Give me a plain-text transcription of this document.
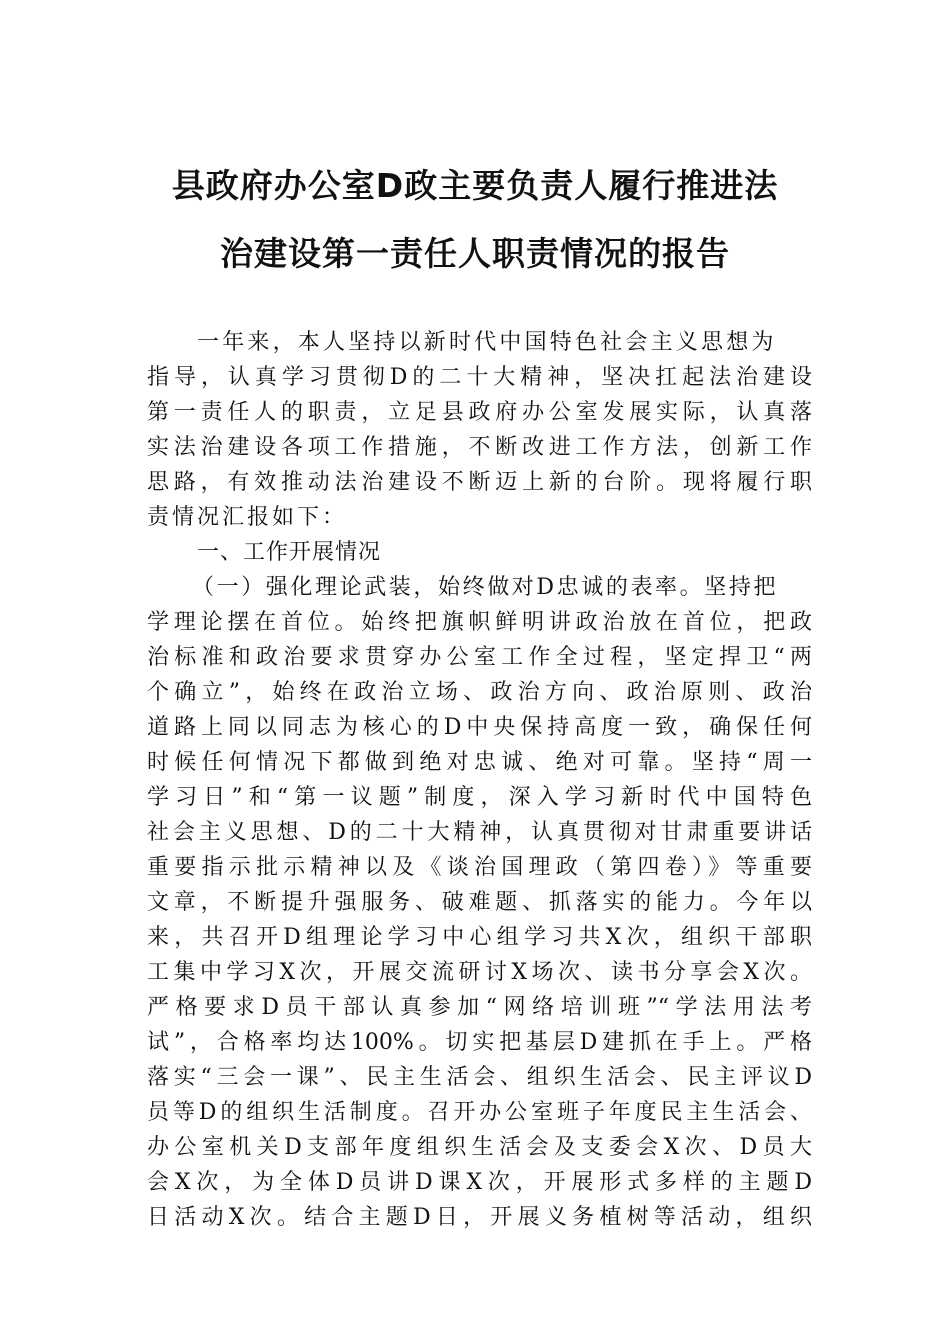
县政府办公室D政主要负责人履行推进法
治建设第一责任人职责情况的报告
一年来，本人坚持以新时代中国特色社会主义思想为
指导，认真学习贯彻D的二十大精神，坚决扛起法治建设
第一责任人的职责，立足县政府办公室发展实际，认真落
实法治建设各项工作措施，不断改进工作方法，创新工作
思路，有效推动法治建设不断迈上新的台阶。现将履行职
责情况汇报如下：
一、工作开展情况
（一）强化理论武装，始终做对D忠诚的表率。坚持把
学理论摆在首位。始终把旗帜鲜明讲政治放在首位，把政
治标准和政治要求贯穿办公室工作全过程，坚定捍卫“两
个确立”，始终在政治立场、政治方向、政治原则、政治
道路上同以同志为核心的D中央保持高度一致，确保任何
时候任何情况下都做到绝对忠诚、绝对可靠。坚持“周一
学习日”和“第一议题”制度，深入学习新时代中国特色
社会主义思想、D的二十大精神，认真贯彻对甘肃重要讲话
重要指示批示精神以及《谈治国理政（第四卷）》等重要
文章，不断提升强服务、破难题、抓落实的能力。今年以
来，共召开D组理论学习中心组学习共X次，组织干部职
工集中学习X次，开展交流研讨X场次、读书分享会X次。
严格要求D员干部认真参加“网络培训班”“学法用法考
试”，合格率均达100%。切实把基层D建抓在手上。严格
落实“三会一课”、民主生活会、组织生活会、民主评议D
员等D的组织生活制度。召开办公室班子年度民主生活会、
办公室机关D支部年度组织生活会及支委会X次、D员大
会X次，为全体D员讲D课X次，开展形式多样的主题D
日活动X次。结合主题D日，开展义务植树等活动，组织
